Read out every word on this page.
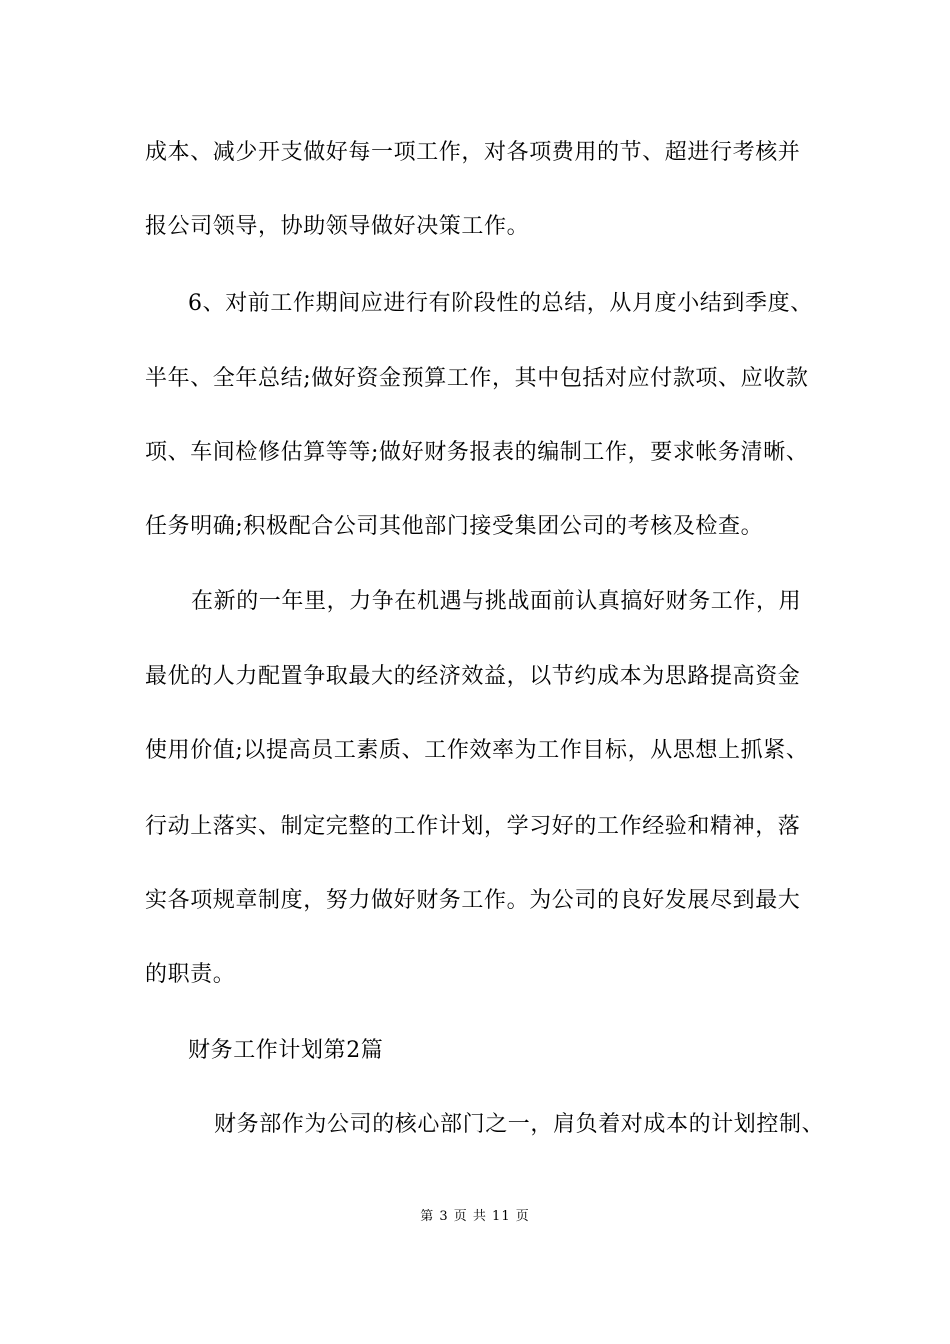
成本、减少开支做好每一项工作，对各项费用的节、超进行考核并
报公司领导，协助领导做好决策工作。
6、对前工作期间应进行有阶段性的总结，从月度小结到季度、
半年、全年总结;做好资金预算工作，其中包括对应付款项、应收款
项、车间检修估算等等;做好财务报表的编制工作，要求帐务清晰、
任务明确;积极配合公司其他部门接受集团公司的考核及检查。
在新的一年里，力争在机遇与挑战面前认真搞好财务工作，用
最优的人力配置争取最大的经济效益，以节约成本为思路提高资金
使用价值;以提高员工素质、工作效率为工作目标，从思想上抓紧、
行动上落实、制定完整的工作计划，学习好的工作经验和精神，落
实各项规章制度，努力做好财务工作。为公司的良好发展尽到最大
的职责。
财务工作计划第2篇
财务部作为公司的核心部门之一，肩负着对成本的计划控制、
第 3 页 共 11 页
